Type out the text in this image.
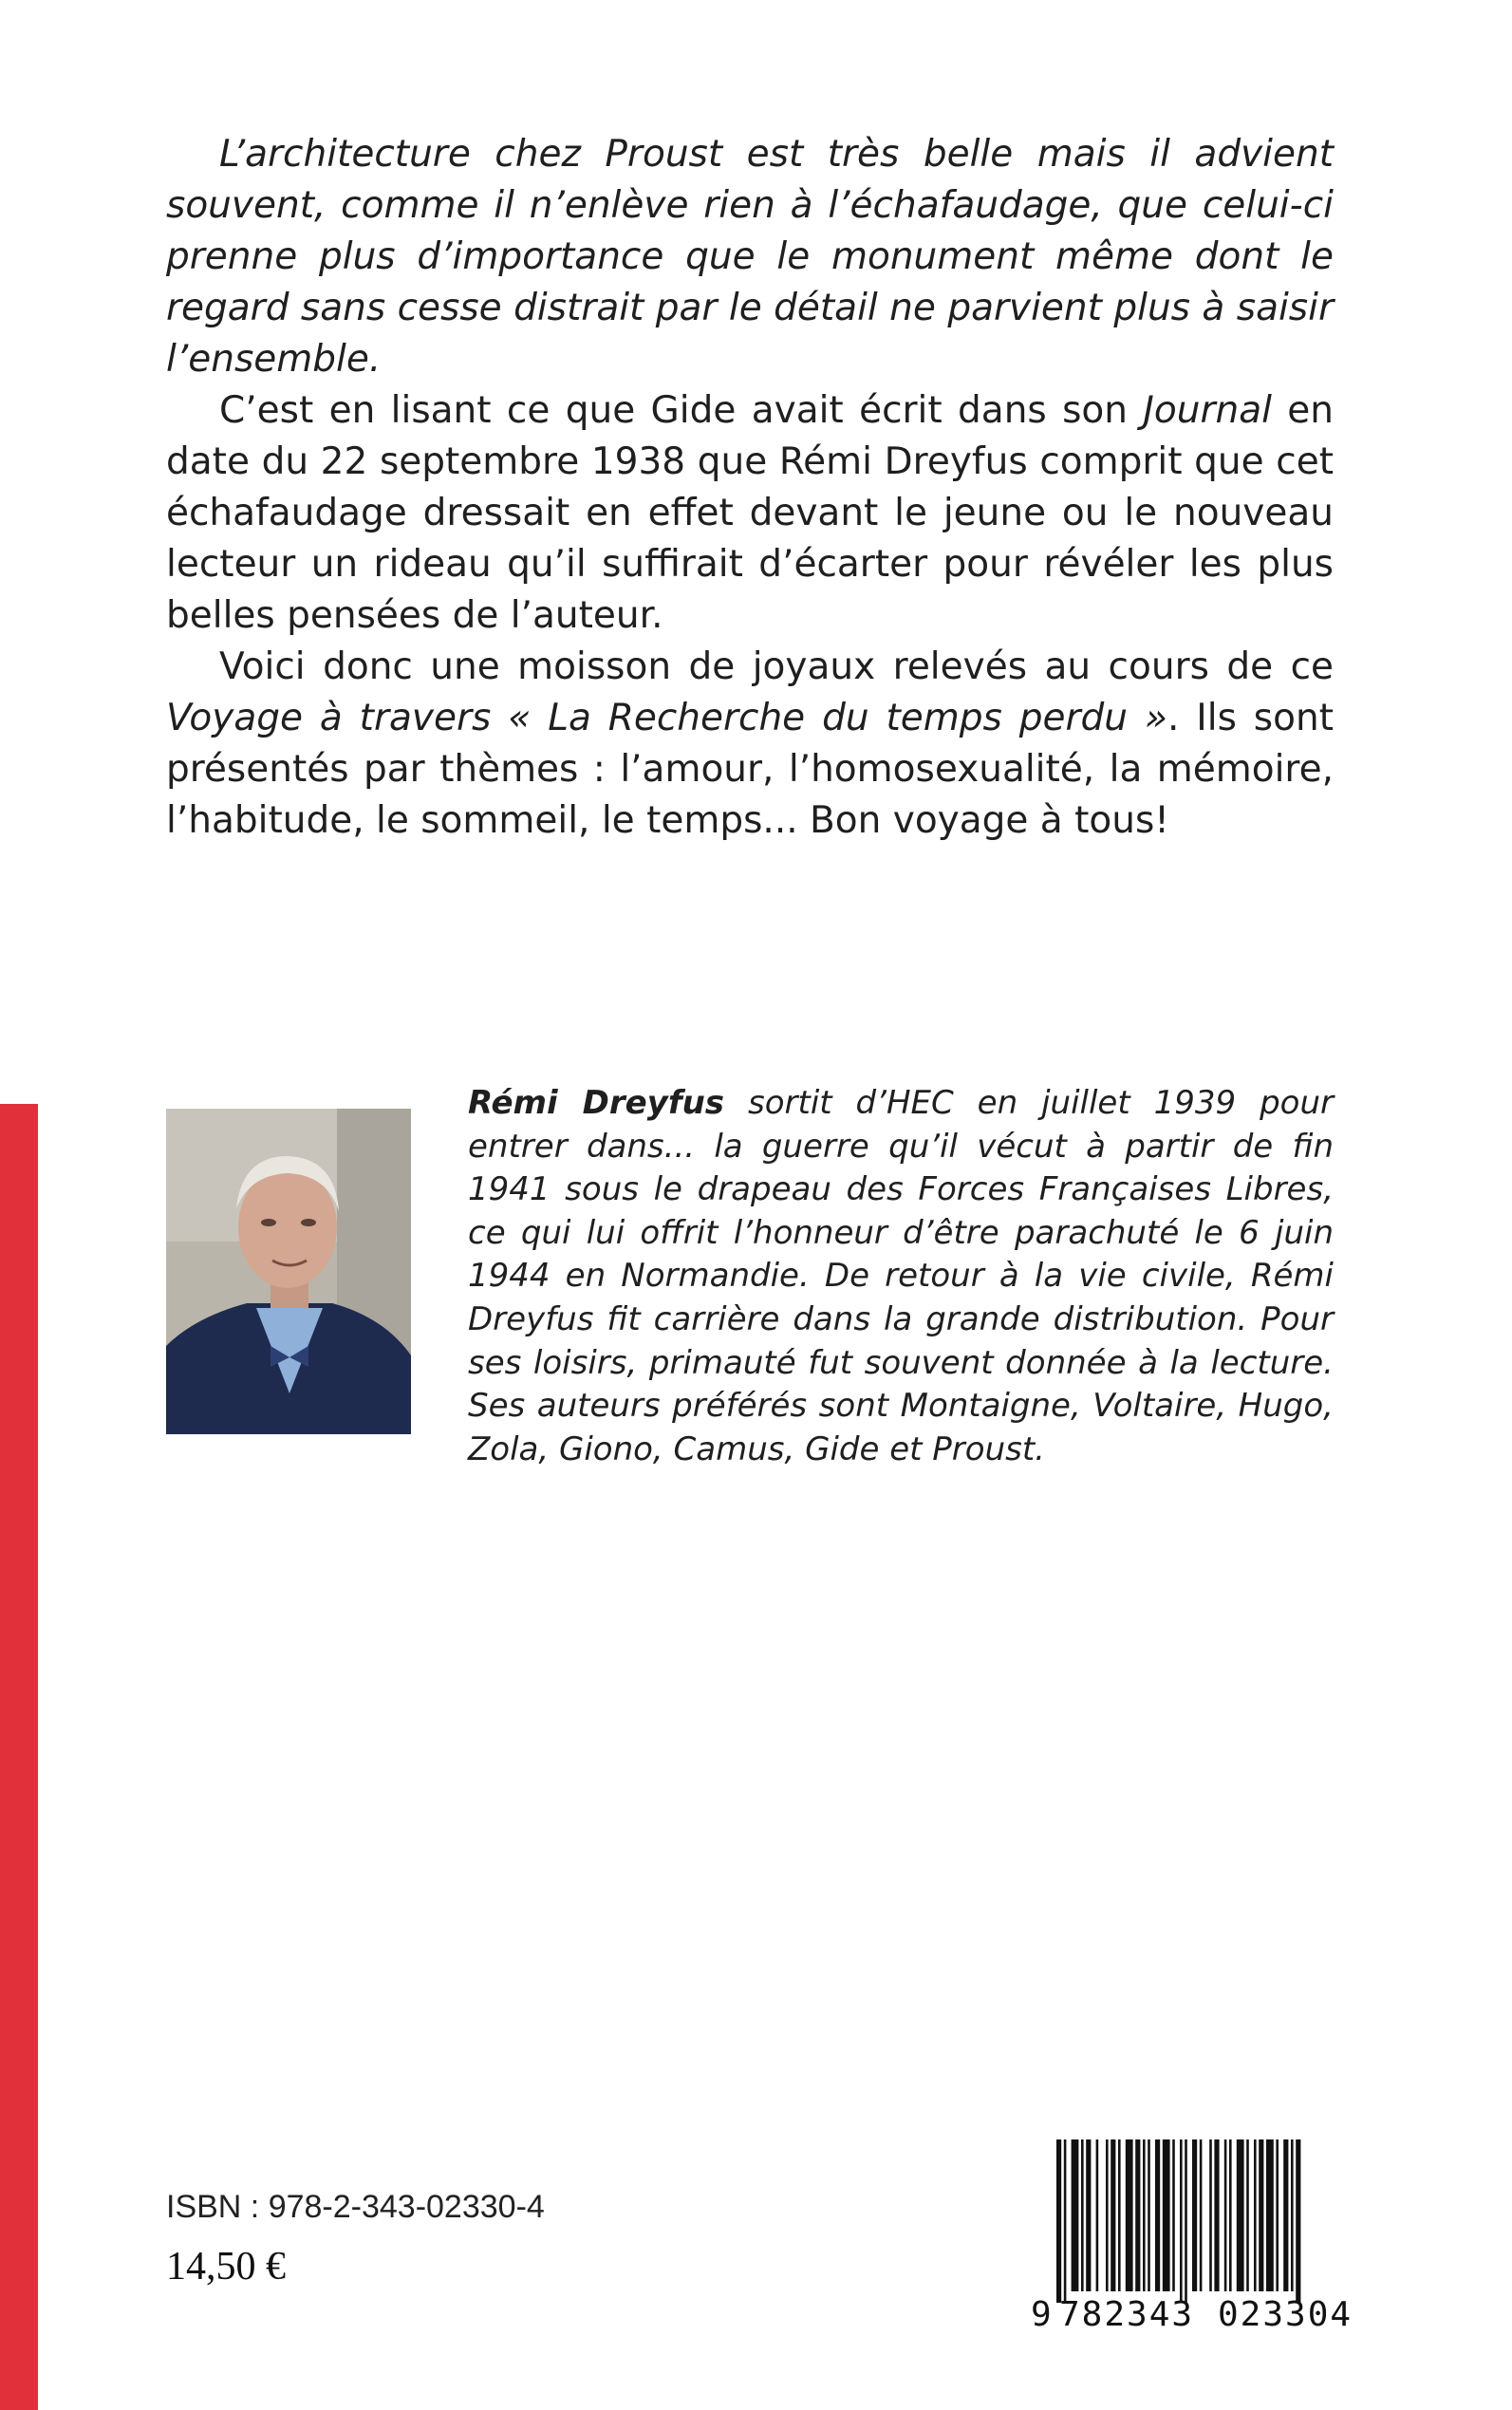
L’architecture chez Proust est très belle mais il advient souvent, comme il n’enlève rien à l’échafaudage, que celui-ci prenne plus d’importance que le monument même dont le regard sans cesse distrait par le détail ne parvient plus à saisir l’ensemble.

C’est en lisant ce que Gide avait écrit dans son Journal en date du 22 septembre 1938 que Rémi Dreyfus comprit que cet échafaudage dressait en effet devant le jeune ou le nouveau lecteur un rideau qu’il suffirait d’écarter pour révéler les plus belles pensées de l’auteur.

Voici donc une moisson de joyaux relevés au cours de ce Voyage à travers « La Recherche du temps perdu ». Ils sont présentés par thèmes : l’amour, l’homosexualité, la mémoire, l’habitude, le sommeil, le temps... Bon voyage à tous!

Rémi Dreyfus sortit d’HEC en juillet 1939 pour entrer dans... la guerre qu’il vécut à partir de fin 1941 sous le drapeau des Forces Françaises Libres, ce qui lui offrit l’honneur d’être parachuté le 6 juin 1944 en Normandie. De retour à la vie civile, Rémi Dreyfus fit carrière dans la grande distribution. Pour ses loisirs, primauté fut souvent donnée à la lecture. Ses auteurs préférés sont Montaigne, Voltaire, Hugo, Zola, Giono, Camus, Gide et Proust.
ISBN : 978-2-343-02330-4
14,50 €
9 782343 023304
